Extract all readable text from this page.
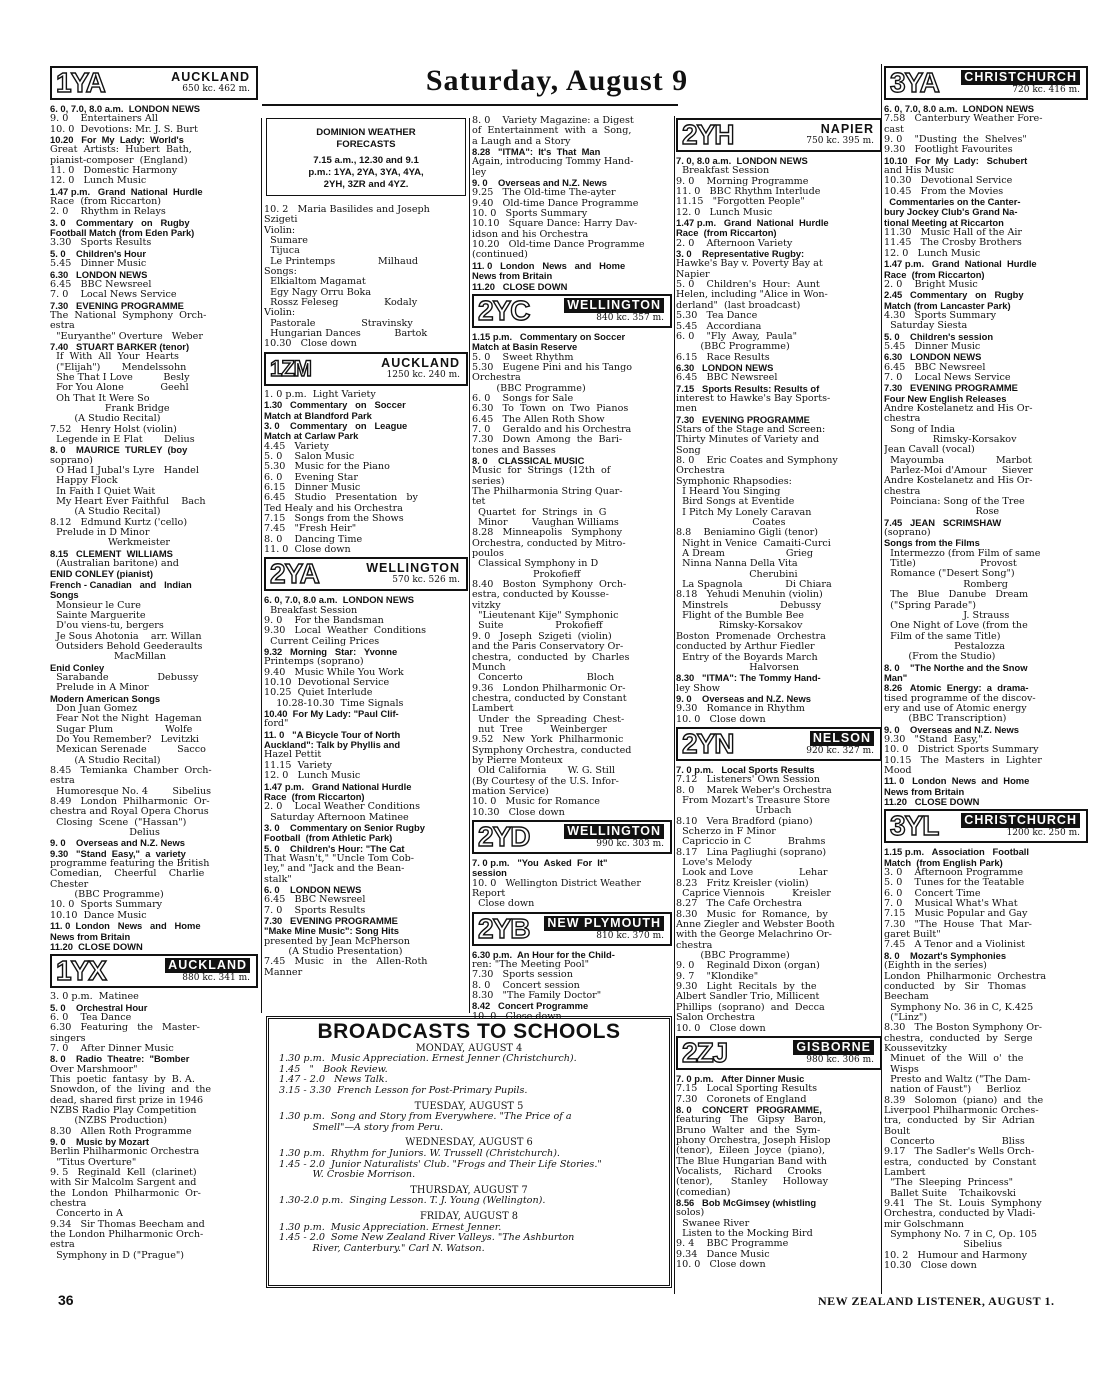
Saturday, August 9
1YA	AUCKLAND
650 kc. 462 m.
6. 0, 7.0, 8.0 a.m.  LONDON NEWS
9. 0    Entertainers All
10. 0  Devotions: Mr. J. S. Burt
10.20   For  My  Lady:  World's
Great  Artists:  Hubert  Bath,
pianist-composer  (England)
11. 0   Domestic Harmony
12. 0   Lunch Music
1.47 p.m.   Grand  National  Hurdle
Race  (from Riccarton)
2. 0    Rhythm in Relays
3. 0    Commentary   on   Rugby
Football Match (from Eden Park)
3.30   Sports Results
5. 0    Children's Hour
5.45   Dinner Music
6.30   LONDON NEWS
6.45   BBC Newsreel
7. 0    Local News Service
7.30   EVENING PROGRAMME
The  National  Symphony  Orch-
estra
"Euryanthe" Overture   Weber
7.40   STUART BARKER (tenor)
If  With  All  Your  Hearts
("Elijah")       Mendelssohn
She That I Love          Besly
For You Alone            Geehl
Oh That It Were So
Frank Bridge
(A Studio Recital)
7.52   Henry Holst (violin)
Legende in E Flat       Delius
8. 0    MAURICE  TURLEY  (boy
soprano)
O Had I Jubal's Lyre   Handel
Happy Flock
In Faith I Quiet Wait
My Heart Ever Faithful    Bach
(A Studio Recital)
8.12   Edmund Kurtz ('cello)
Prelude in D Minor
Werkmeister
8.15   CLEMENT  WILLIAMS
(Australian baritone) and
ENID CONLEY (pianist)
French - Canadian   and   Indian
Songs
Monsieur le Cure
Sainte Marguerite
D'ou viens-tu, bergers
Je Sous Ahotonia    arr. Willan
Outsiders Behold Geederaults
MacMillan
Enid Conley
Sarabande                Debussy
Prelude in A Minor
Modern American Songs
Don Juan Gomez
Fear Not the Night  Hageman
Sugar Plum                 Wolfe
Do You Remember?   Levitzki
Mexican Serenade          Sacco
(A Studio Recital)
8.45   Temianka  Chamber  Orch-
estra
Humoresque No. 4        Sibelius
8.49   London  Philharmonic  Or-
chestra and Royal Opera Chorus
Closing  Scene  ("Hassan")
Delius
9. 0    Overseas and N.Z. News
9.30   "Stand  Easy,"  a  variety
programme featuring the British
Comedian,    Cheerful    Charlie
Chester
(BBC Programme)
10. 0  Sports Summary
10.10  Dance Music
11. 0  London   News   and   Home
News from Britain
11.20  CLOSE DOWN
1YX	AUCKLAND
880 kc. 341 m.
3. 0 p.m.  Matinee
5. 0    Orchestral Hour
6. 0    Tea Dance
6.30   Featuring   the   Master-
singers
7. 0    After Dinner Music
8. 0    Radio  Theatre:  "Bomber
Over Marshmoor"
This  poetic  fantasy  by  B. A.
Snowdon, of  the  living  and  the
dead, shared first prize in 1946
NZBS Radio Play Competition
(NZBS Production)
8.30   Allen Roth Programme
9. 0    Music by Mozart
Berlin Philharmonic Orchestra
"Titus Overture"
9. 5   Reginald  Kell  (clarinet)
with Sir Malcolm Sargent and
the  London  Philharmonic  Or-
chestra
Concerto in A
9.34   Sir Thomas Beecham and
the London Philharmonic Orch-
estra
Symphony in D ("Prague")
DOMINION WEATHER
FORECASTS
7.15 a.m., 12.30 and 9.1
p.m.: 1YA, 2YA, 3YA, 4YA,
2YH, 3ZR and 4YZ.
10. 2   Maria Basilides and Joseph
Szigeti
Violin:
Sumare
Tijuca
Le Printemps              Milhaud
Songs:
Elkialtom Magamat
Egy Nagy Orru Boka
Rossz Feleseg               Kodaly
Violin:
Pastorale               Stravinsky
Hungarian Dances           Bartok
10.30   Close down
1ZM	AUCKLAND
1250 kc. 240 m.
1. 0 p.m.  Light Variety
1.30   Commentary   on   Soccer
Match at Blandford Park
3. 0    Commentary   on   League
Match at Carlaw Park
4.45   Variety
5. 0    Salon Music
5.30   Music for the Piano
6. 0    Evening Star
6.15   Dinner Music
6.45   Studio   Presentation   by
Ted Healy and his Orchestra
7.15   Songs from the Shows
7.45   "Fresh Heir"
8. 0    Dancing Time
11. 0  Close down
2YA	WELLINGTON
570 kc. 526 m.
6. 0, 7.0, 8.0 a.m.  LONDON NEWS
Breakfast Session
9. 0    For the Bandsman
9.30   Local  Weather  Conditions
Current Ceiling Prices
9.32   Morning   Star:   Yvonne
Printemps (soprano)
9.40   Music While You Work
10.10  Devotional Service
10.25  Quiet Interlude
10.28-10.30  Time Signals
10.40  For My Lady: "Paul Clif-
ford"
11. 0   "A Bicycle Tour of North
Auckland": Talk by Phyllis and
Hazel Pettit
11.15  Variety
12. 0   Lunch Music
1.47 p.m.   Grand National Hurdle
Race  (from Riccarton)
2. 0    Local Weather Conditions
Saturday Afternoon Matinee
3. 0    Commentary on Senior Rugby
Football  (from Athletic Park)
5. 0    Children's Hour: "The Cat
That Wasn't," "Uncle Tom Cob-
ley," and "Jack and the Bean-
stalk"
6. 0    LONDON NEWS
6.45   BBC Newsreel
7. 0    Sports Results
7.30   EVENING PROGRAMME
"Make Mine Music": Song Hits
presented by Jean McPherson
(A Studio Presentation)
7.45   Music   in   the   Allen-Roth
Manner
8. 0    Variety Magazine: a Digest
of  Entertainment  with  a  Song,
a Laugh and a Story
8.28   "ITMA":  It's  That  Man
Again, introducing Tommy Hand-
ley
9. 0    Overseas and N.Z. News
9.25   The Old-time The-ayter
9.40   Old-time Dance Programme
10. 0   Sports Summary
10.10   Square Dance: Harry Dav-
idson and his Orchestra
10.20   Old-time Dance Programme
(continued)
11. 0   London   News   and   Home
News from Britain
11.20   CLOSE DOWN
2YC	WELLINGTON
840 kc. 357 m.
1.15 p.m.   Commentary on Soccer
Match at Basin Reserve
5. 0    Sweet Rhythm
5.30   Eugene Pini and his Tango
Orchestra
(BBC Programme)
6. 0    Songs for Sale
6.30   To  Town  on  Two  Pianos
6.45   The Allen Roth Show
7. 0    Geraldo and his Orchestra
7.30   Down  Among  the  Bari-
tones and Basses
8. 0    CLASSICAL MUSIC
Music  for  Strings  (12th  of
series)
The Philharmonia String Quar-
tet
Quartet  for  Strings  in  G
Minor        Vaughan Williams
8.28   Minneapolis   Symphony
Orchestra, conducted by Mitro-
poulos
Classical Symphony in D
Prokofieff
8.40   Boston  Symphony  Orch-
estra, conducted by Kousse-
vitzky
"Lieutenant Kije" Symphonic
Suite                 Prokofieff
9. 0   Joseph  Szigeti  (violin)
and the Paris Conservatory Or-
chestra,  conducted  by  Charles
Munch
Concerto                     Bloch
9.36   London Philharmonic Or-
chestra, conducted by Constant
Lambert
Under  the  Spreading  Chest-
nut  Tree         Weinberger
9.52   New  York  Philharmonic
Symphony Orchestra, conducted
by Pierre Monteux
Old California       W. G. Still
(By Courtesy of the U.S. Infor-
mation Service)
10. 0   Music for Romance
10.30   Close down
2YD	WELLINGTON
990 kc. 303 m.
7. 0 p.m.   "You  Asked  For  It"
session
10. 0   Wellington District Weather
Report
Close down
2YB	NEW PLYMOUTH
810 kc. 370 m.
6.30 p.m.  An Hour for the Child-
ren: "The Meeting Pool"
7.30   Sports session
8. 0    Concert session
8.30   "The Family Doctor"
8.42   Concert Programme
10. 0   Close down
2YH	NAPIER
750 kc. 395 m.
7. 0, 8.0 a.m.  LONDON NEWS
Breakfast Session
9. 0    Morning Programme
11. 0   BBC Rhythm Interlude
11.15   "Forgotten People"
12. 0   Lunch Music
1.47 p.m.   Grand  National  Hurdle
Race  (from Riccarton)
2. 0    Afternoon Variety
3. 0    Representative Rugby:
Hawke's Bay v. Poverty Bay at
Napier
5. 0    Children's  Hour:  Aunt
Helen, including "Alice in Won-
derland"  (last broadcast)
5.30   Tea Dance
5.45   Accordiana
6. 0    "Fly  Away,  Paula"
(BBC Programme)
6.15   Race Results
6.30   LONDON NEWS
6.45   BBC Newsreel
7.15   Sports Results: Results of
interest to Hawke's Bay Sports-
men
7.30   EVENING PROGRAMME
Stars of the Stage and Screen:
Thirty Minutes of Variety and
Song
8. 0    Eric Coates and Symphony
Orchestra
Symphonic Rhapsodies:
I Heard You Singing
Bird Songs at Eventide
I Pitch My Lonely Caravan
Coates
8.8    Beniamino Gigli (tenor)
Night in Venice  Camaiti-Curci
A Dream                    Grieg
Ninna Nanna Della Vita
Cherubini
La Spagnola              Di Chiara
8.18   Yehudi Menuhin (violin)
Minstrels                 Debussy
Flight of the Bumble Bee
Rimsky-Korsakov
Boston  Promenade  Orchestra
conducted by Arthur Fiedler
Entry of the Boyards March
Halvorsen
8.30   "ITMA": The Tommy Hand-
ley Show
9. 0    Overseas and N.Z. News
9.30   Romance in Rhythm
10. 0   Close down
2YN	NELSON
920 kc. 327 m.
7. 0 p.m.   Local Sports Results
7.12   Listeners' Own Session
8. 0    Marek Weber's Orchestra
From Mozart's Treasure Store
Urbach
8.10   Vera Bradford (piano)
Scherzo in F Minor
Capriccio in C            Brahms
8.17   Lina Pagliughi (soprano)
Love's Melody
Look and Love               Lehar
8.23   Fritz Kreisler (violin)
Caprice Viennois         Kreisler
8.27   The Cafe Orchestra
8.30   Music  for  Romance,  by
Anne Ziegler and Webster Booth
with the George Melachrino Or-
chestra
(BBC Programme)
9. 0    Reginald Dixon (organ)
9. 7    "Klondike"
9.30   Light  Recitals  by  the
Albert Sandler Trio, Millicent
Phillips  (soprano)  and  Decca
Salon Orchestra
10. 0   Close down
2ZJ	GISBORNE
980 kc. 306 m.
7. 0 p.m.   After Dinner Music
7.15   Local Sporting Results
7.30   Coronets of England
8. 0    CONCERT   PROGRAMME,
featuring   The   Gipsy   Baron,
Bruno  Walter  and  the  Sym-
phony Orchestra, Joseph Hislop
(tenor),  Eileen  Joyce  (piano),
The Blue Hungarian Band with
Vocalists,    Richard     Crooks
(tenor),      Stanley     Holloway
(comedian)
8.56   Bob McGimsey (whistling
solos)
Swanee River
Listen to the Mocking Bird
9. 4    BBC Programme
9.34   Dance Music
10. 0   Close down
3YA	CHRISTCHURCH
720 kc. 416 m.
6. 0, 7.0, 8.0 a.m.  LONDON NEWS
7.58   Canterbury Weather Fore-
cast
9. 0    "Dusting  the  Shelves"
9.30   Footlight Favourites
10.10   For  My  Lady:   Schubert
and His Music
10.30   Devotional Service
10.45   From the Movies
Commentaries on the Canter-
bury Jockey Club's Grand Na-
tional Meeting at Riccarton
11.30   Music Hall of the Air
11.45   The Crosby Brothers
12. 0   Lunch Music
1.47 p.m.   Grand  National  Hurdle
Race  (from Riccarton)
2. 0    Bright Music
2.45   Commentary   on   Rugby
Match (from Lancaster Park)
4.30   Sports Summary
Saturday Siesta
5. 0    Children's session
5.45   Dinner Music
6.30   LONDON NEWS
6.45   BBC Newsreel
7. 0    Local News Service
7.30   EVENING PROGRAMME
Four New English Releases
Andre Kostelanetz and His Or-
chestra
Song of India
Rimsky-Korsakov
Jean Cavall (vocal)
Mayoumba                 Marbot
Parlez-Moi d'Amour     Siever
Andre Kostelanetz and His Or-
chestra
Poinciana: Song of the Tree
Rose
7.45   JEAN   SCRIMSHAW
(soprano)
Songs from the Films
Intermezzo (from Film of same
Title)                     Provost
Romance ("Desert Song")
Romberg
The   Blue   Danube   Dream
("Spring Parade")
J. Strauss
One Night of Love (from the
Film of the same Title)
Pestalozza
(From the Studio)
8. 0    "The Northe and the Snow
Man"
8.26   Atomic  Energy:  a  drama-
tised programme of the discov-
ery and use of Atomic energy
(BBC Transcription)
9. 0    Overseas and N.Z. News
9.30   "Stand  Easy,"
10. 0   District Sports Summary
10.15   The  Masters  in  Lighter
Mood
11. 0   London  News  and  Home
News from Britain
11.20   CLOSE DOWN
3YL	CHRISTCHURCH
1200 kc. 250 m.
1.15 p.m.   Association   Football
Match  (from English Park)
3. 0    Afternoon Programme
5. 0    Tunes for the Teatable
6. 0    Concert Time
7. 0    Musical What's What
7.15   Music Popular and Gay
7.30   "The  House  That  Mar-
garet Built"
7.45   A Tenor and a Violinist
8. 0    Mozart's Symphonies
(Eighth in the series)
London  Philharmonic  Orchestra
conducted   by   Sir   Thomas
Beecham
Symphony No. 36 in C, K.425
("Linz")
8.30   The Boston Symphony Or-
chestra,  conducted  by  Serge
Koussevitzky
Minuet  of  the  Will  o'  the
Wisps
Presto and Waltz ("The Dam-
nation of Faust")     Berlioz
8.39   Solomon  (piano)  and  the
Liverpool Philharmonic Orches-
tra,  conducted  by  Sir  Adrian
Boult
Concerto                      Bliss
9.17   The Sadler's Wells Orch-
estra,  conducted  by  Constant
Lambert
"The  Sleeping  Princess"
Ballet Suite    Tchaikovski
9.41   The  St.  Louis  Symphony
Orchestra, conducted by Vladi-
mir Golschmann
Symphony No. 7 in C, Op. 105
Sibelius
10. 2   Humour and Harmony
10.30   Close down
BROADCASTS TO SCHOOLS
MONDAY, AUGUST 4
1.30 p.m.  Music Appreciation. Ernest Jenner (Christchurch).
1.45   "   Book Review.
1.47 - 2.0   News Talk.
3.15 - 3.30  French Lesson for Post-Primary Pupils.
TUESDAY, AUGUST 5
1.30 p.m.  Song and Story from Everywhere. "The Price of a
Smell"—A story from Peru.
WEDNESDAY, AUGUST 6
1.30 p.m.  Rhythm for Juniors. W. Trussell (Christchurch).
1.45 - 2.0  Junior Naturalists' Club. "Frogs and Their Life Stories."
W. Crosbie Morrison.
THURSDAY, AUGUST 7
1.30-2.0 p.m.  Singing Lesson. T. J. Young (Wellington).
FRIDAY, AUGUST 8
1.30 p.m.  Music Appreciation. Ernest Jenner.
1.45 - 2.0  Some New Zealand River Valleys. "The Ashburton
River, Canterbury." Carl N. Watson.
36	NEW ZEALAND LISTENER, AUGUST 1.
